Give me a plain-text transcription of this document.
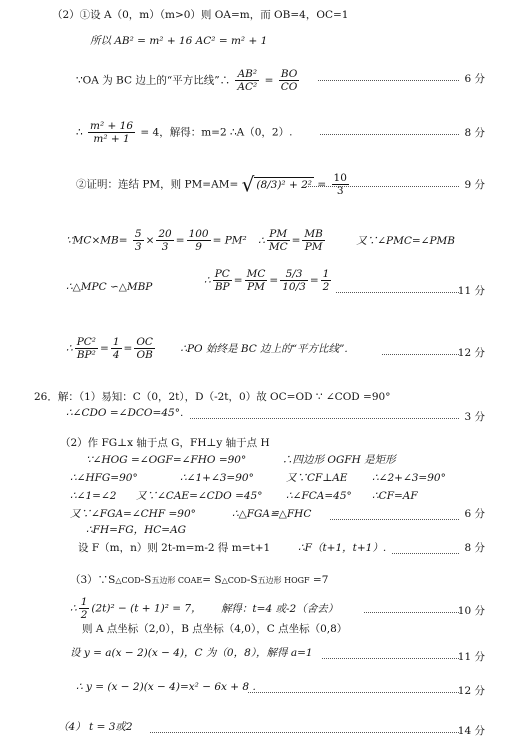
（2）①设 A（0，m）（m>0）则 OA=m，而 OB=4，OC=1
所以 AB² = m² + 16 AC² = m² + 1
∵OA 为 BC 边上的“平方比线”∴ $\frac{\text{AB²}}{\text{AC²}} = \frac{BO}{CO}$	6 分
∴ $\frac{\text{m² + 16}}{\text{m² + 1}} = 4$，解得：m=2 ∴A（0，2）.	8 分
②证明：连结 PM，则 PM=AM= √ $(8/3)^2 + 2^2 = \frac{10}{3}$	9 分
∵MC×MB= $\frac{5}{3} \times \frac{20}{3} = \frac{100}{9} = PM^2$ ∴ $\frac{PM}{MC} = \frac{MB}{PM}$	又∵∠PMC=∠PMB
∴△MPC ∽△MBP
∴ $\frac{PC}{BP} = \frac{MC}{PM} = \frac{5/3}{10/3} = \frac{1}{2}$	11 分
∴ $\frac{\text{PC²}}{\text{BP²}} = \frac{1}{4} = \frac{OC}{OB}$ ∴PO 始终是 BC 边上的“平方比线”.	12 分
26．解：（1）易知：C（0，2t），D（-2t，0）故 OC=OD ∵ ∠COD =90°
∴∠CDO =∠DCO=45°.	3 分
（2）作 FG⊥x 轴于点 G，FH⊥y 轴于点 H
∵∠HOG =∠OGF=∠FHO =90°	∴四边形 OGFH 是矩形
∴∠HFG=90°	∴∠1+∠3=90°	又∵CF⊥AE ∴∠2+∠3=90°
∴∠1=∠2 又∵∠CAE=∠CDO =45° ∴∠FCA=45° ∴CF=AF
又∵∠FGA=∠CHF =90°	∴△FGA≌△FHC	6 分
∴FH=FG，HC=AG
设 F（m，n）则 2t-m=m-2 得 m=t+1	∴F（t+1，t+1）.	8 分
（3）∵S△COD-S五边形 COAE= S△COD-S五边形 HOGF =7
∴ $\frac{1}{2} (2t)^2 - (t + 1)^2 = 7$， 解得：t=4 或-2（舍去）	10 分
则 A 点坐标（2,0），B 点坐标（4,0），C 点坐标（0,8）
设 y = a(x − 2)(x − 4)，C 为（0，8），解得 a=1	11 分
∴ y = (x − 2)(x − 4)=x² − 6x + 8 .	12 分
（4） t = 3或2	14 分
